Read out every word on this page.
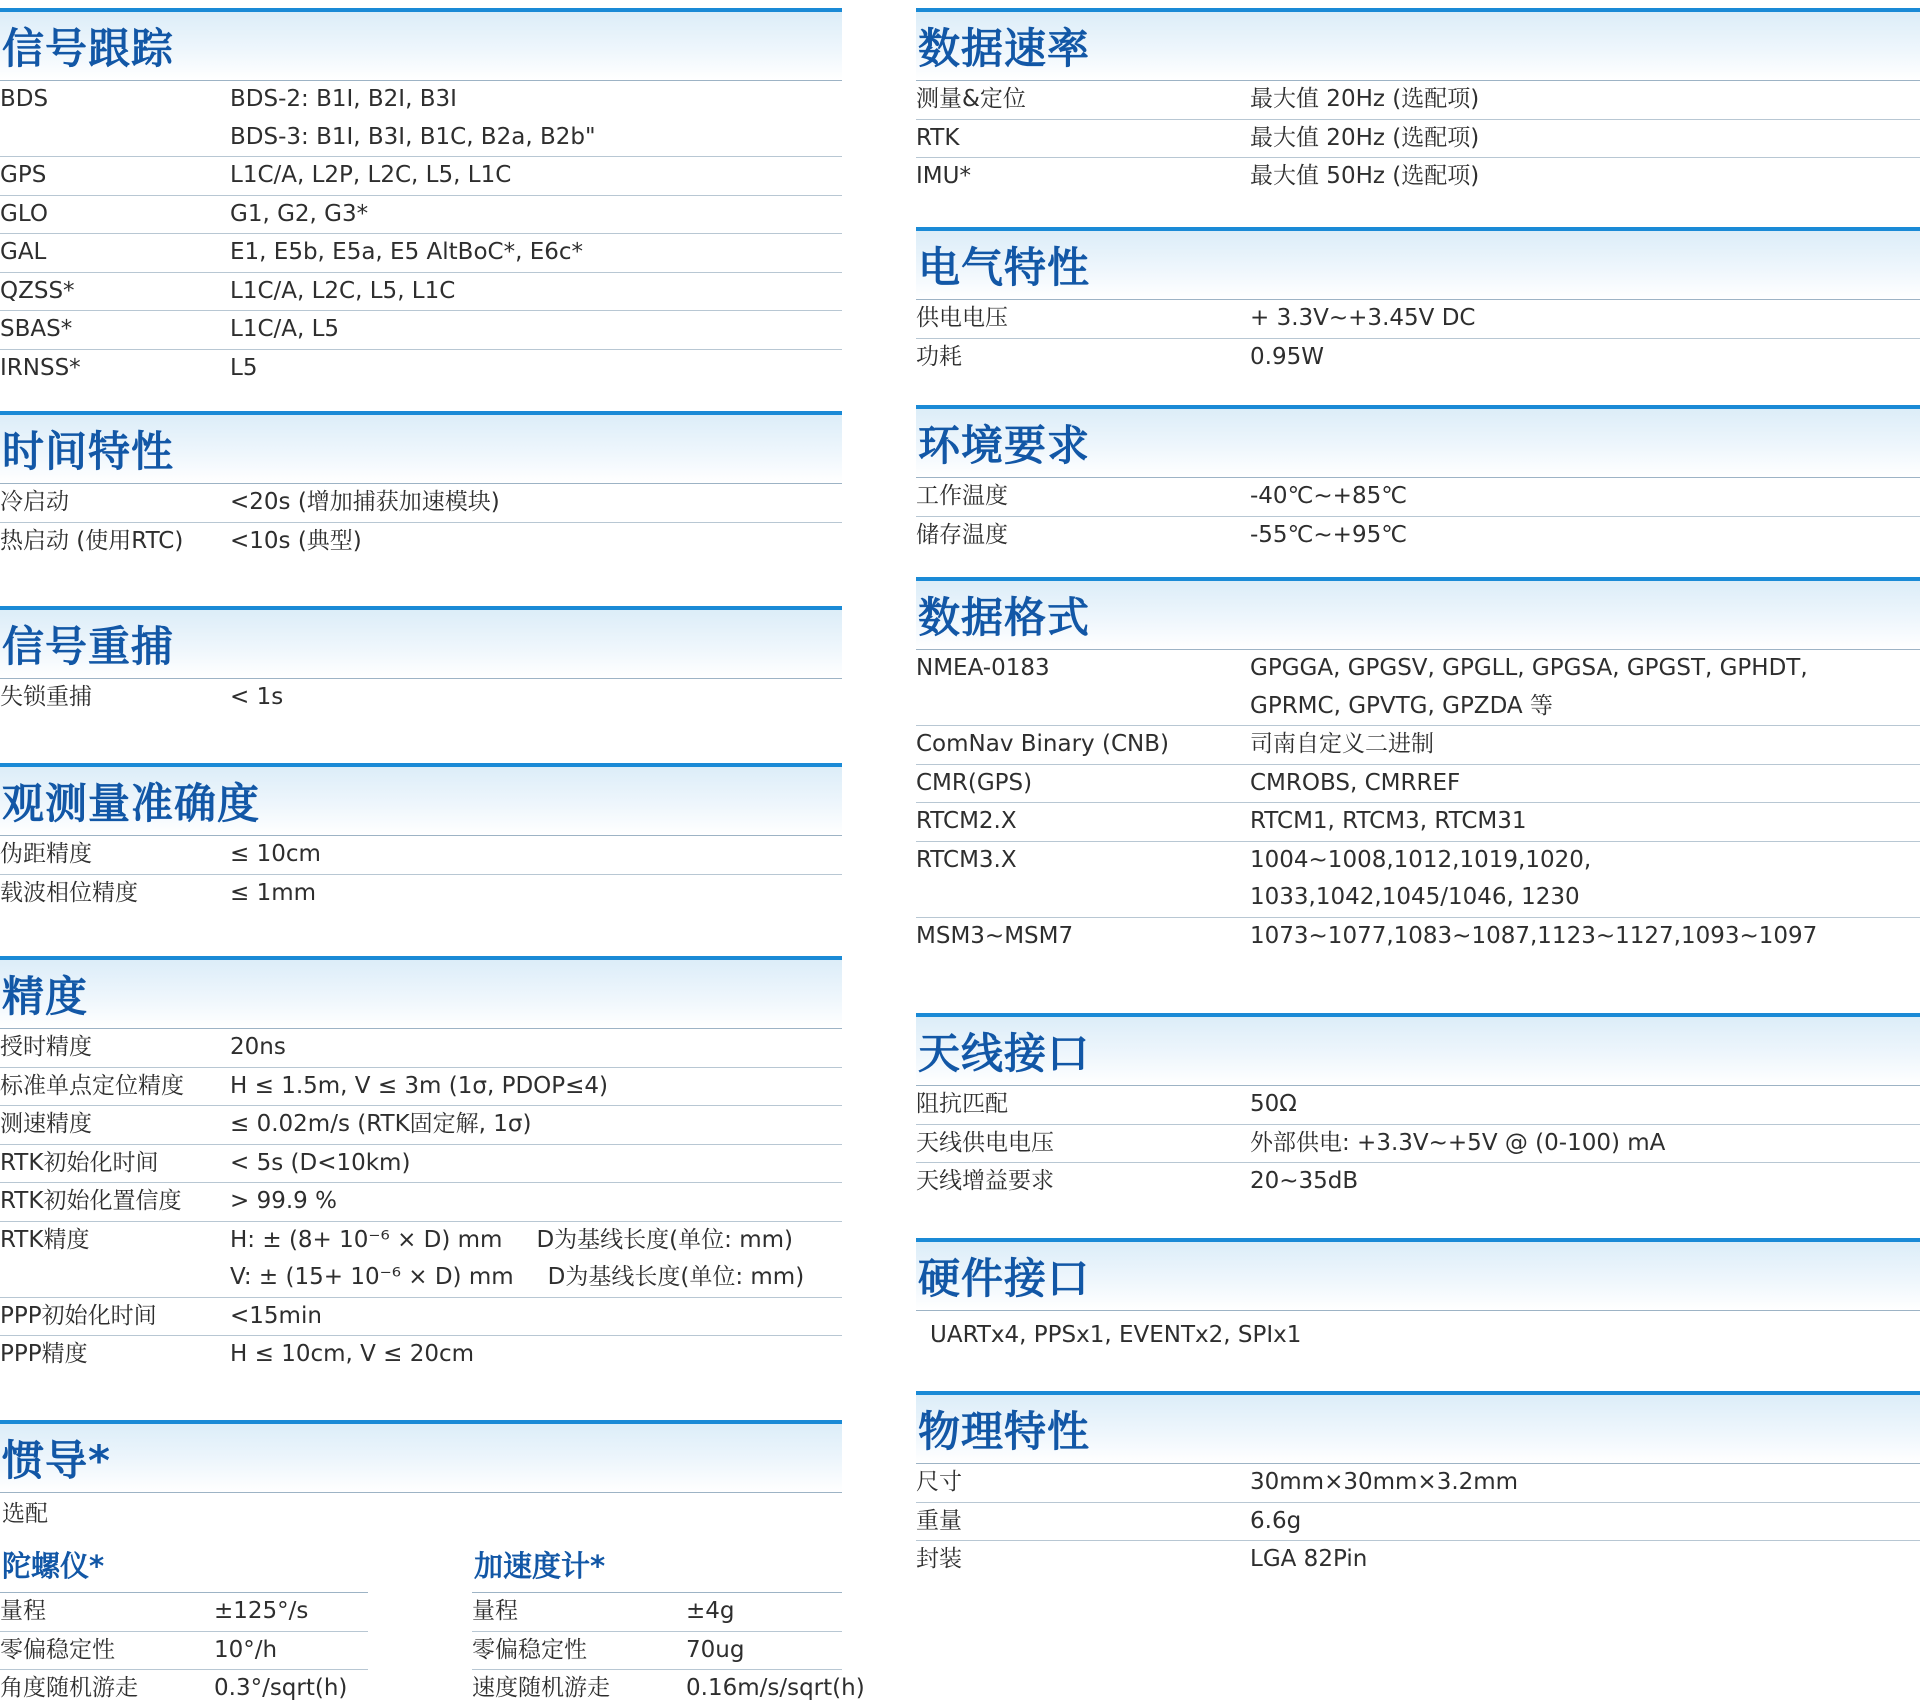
信号跟踪
BDS	BDS-2: B1I, B2I, B3I
BDS-3: B1I, B3I, B1C, B2a, B2b"
GPS	L1C/A, L2P, L2C, L5, L1C
GLO	G1, G2, G3*
GAL	E1, E5b, E5a, E5 AltBoC*, E6c*
QZSS*	L1C/A, L2C, L5, L1C
SBAS*	L1C/A, L5
IRNSS*	L5
时间特性
冷启动	<20s (增加捕获加速模块)
热启动 (使用RTC)	<10s (典型)
信号重捕
失锁重捕	< 1s
观测量准确度
伪距精度	≤ 10cm
载波相位精度	≤ 1mm
精度
授时精度	20ns
标准单点定位精度	H ≤ 1.5m, V ≤ 3m (1σ, PDOP≤4)
测速精度	≤ 0.02m/s (RTK固定解, 1σ)
RTK初始化时间	< 5s (D<10km)
RTK初始化置信度	> 99.9 %
RTK精度	H: ± (8+ 10⁻⁶ × D) mm D为基线长度(单位: mm)
V: ± (15+ 10⁻⁶ × D) mm D为基线长度(单位: mm)
PPP初始化时间	<15min
PPP精度	H ≤ 10cm, V ≤ 20cm
惯导*
选配
陀螺仪*
量程	±125°/s
零偏稳定性	10°/h
角度随机游走	0.3°/sqrt(h)
加速度计*
量程	±4g
零偏稳定性	70ug
速度随机游走	0.16m/s/sqrt(h)
数据速率
测量&定位	最大值 20Hz (选配项)
RTK	最大值 20Hz (选配项)
IMU*	最大值 50Hz (选配项)
电气特性
供电电压	+ 3.3V~+3.45V DC
功耗	0.95W
环境要求
工作温度	-40℃~+85℃
储存温度	-55℃~+95℃
数据格式
NMEA-0183	GPGGA, GPGSV, GPGLL, GPGSA, GPGST, GPHDT,
GPRMC, GPVTG, GPZDA 等
ComNav Binary (CNB)	司南自定义二进制
CMR(GPS)	CMROBS, CMRREF
RTCM2.X	RTCM1, RTCM3, RTCM31
RTCM3.X	1004~1008,1012,1019,1020,
1033,1042,1045/1046, 1230
MSM3~MSM7	1073~1077,1083~1087,1123~1127,1093~1097
天线接口
阻抗匹配	50Ω
天线供电电压	外部供电: +3.3V~+5V @ (0-100) mA
天线增益要求	20~35dB
硬件接口
UARTx4, PPSx1, EVENTx2, SPIx1
物理特性
尺寸	30mm×30mm×3.2mm
重量	6.6g
封装	LGA 82Pin
